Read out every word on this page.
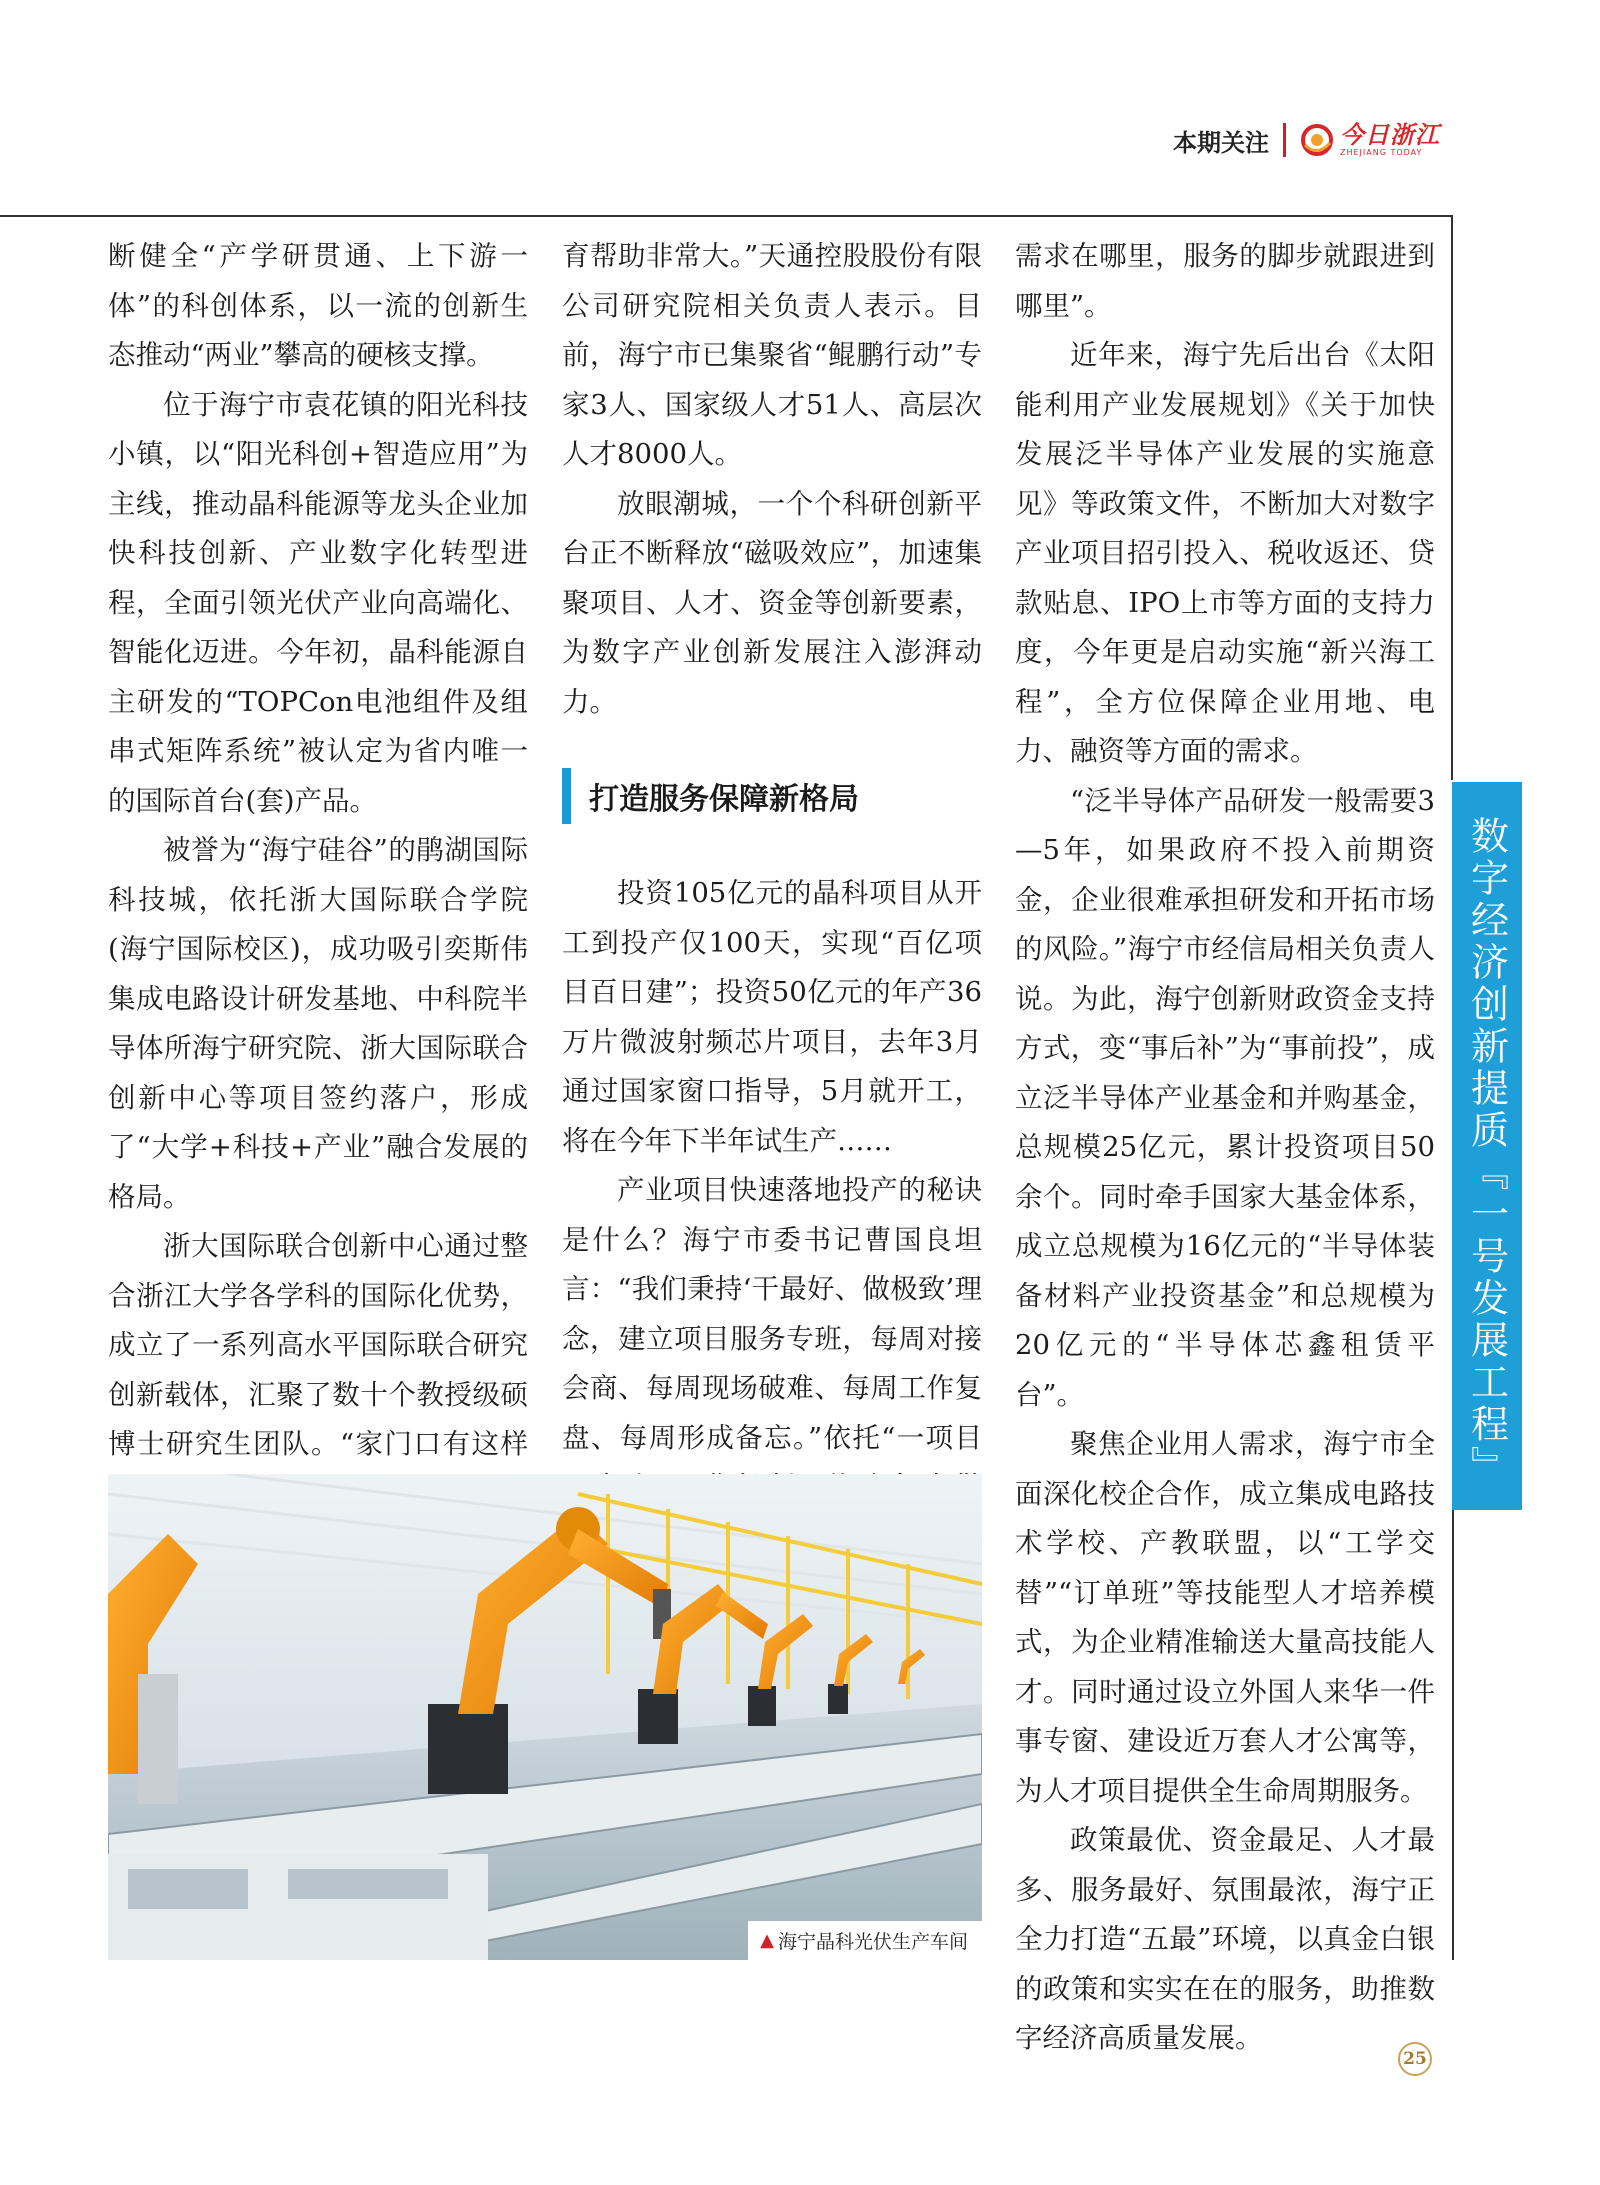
本期关注	今日浙江
ZHEJIANG TODAY

断健全“产学研贯通、上下游一体”的科创体系，以一流的创新生态推动“两业”攀高的硬核支撑。

位于海宁市袁花镇的阳光科技小镇，以“阳光科创+智造应用”为主线，推动晶科能源等龙头企业加快科技创新、产业数字化转型进程，全面引领光伏产业向高端化、智能化迈进。今年初，晶科能源自主研发的“TOPCon电池组件及组串式矩阵系统”被认定为省内唯一的国际首台(套)产品。

被誉为“海宁硅谷”的鹃湖国际科技城，依托浙大国际联合学院(海宁国际校区)，成功吸引奕斯伟集成电路设计研发基地、中科院半导体所海宁研究院、浙大国际联合创新中心等项目签约落户，形成了“大学+科技+产业”融合发展的格局。

浙大国际联合创新中心通过整合浙江大学各学科的国际化优势，成立了一系列高水平国际联合研究创新载体，汇聚了数十个教授级硕博士研究生团队。“家门口有这样

育帮助非常大。”天通控股股份有限公司研究院相关负责人表示。目前，海宁市已集聚省“鲲鹏行动”专家3人、国家级人才51人、高层次人才8000人。

放眼潮城，一个个科研创新平台正不断释放“磁吸效应”，加速集聚项目、人才、资金等创新要素，为数字产业创新发展注入澎湃动力。

打造服务保障新格局

投资105亿元的晶科项目从开工到投产仅100天，实现“百亿项目百日建”；投资50亿元的年产36万片微波射频芯片项目，去年3月通过国家窗口指导，5月就开工，将在今年下半年试生产……

产业项目快速落地投产的秘诀是什么？海宁市委书记曹国良坦言：“我们秉持‘干最好、做极致’理念，建立项目服务专班，每周对接会商、每周现场破难、每周工作复盘、每周形成备忘。”依托“一项目

需求在哪里，服务的脚步就跟进到哪里”。

近年来，海宁先后出台《太阳能利用产业发展规划》《关于加快发展泛半导体产业发展的实施意见》等政策文件，不断加大对数字产业项目招引投入、税收返还、贷款贴息、IPO上市等方面的支持力度，今年更是启动实施“新兴海工程”，全方位保障企业用地、电力、融资等方面的需求。

“泛半导体产品研发一般需要3—5年，如果政府不投入前期资金，企业很难承担研发和开拓市场的风险。”海宁市经信局相关负责人说。为此，海宁创新财政资金支持方式，变“事后补”为“事前投”，成立泛半导体产业基金和并购基金，总规模25亿元，累计投资项目50余个。同时牵手国家大基金体系，成立总规模为16亿元的“半导体装备材料产业投资基金”和总规模为20亿元的“半导体芯鑫租赁平台”。

聚焦企业用人需求，海宁市全面深化校企合作，成立集成电路技术学校、产教联盟，以“工学交替”“订单班”等技能型人才培养模式，为企业精准输送大量高技能人才。同时通过设立外国人来华一件事专窗、建设近万套人才公寓等，为人才项目提供全生命周期服务。

政策最优、资金最足、人才最多、服务最好、氛围最浓，海宁正全力打造“五最”环境，以真金白银的政策和实实在在的服务，助推数字经济高质量发展。

数字经济创新提质『一号发展工程』
▲ 海宁晶科光伏生产车间
25
